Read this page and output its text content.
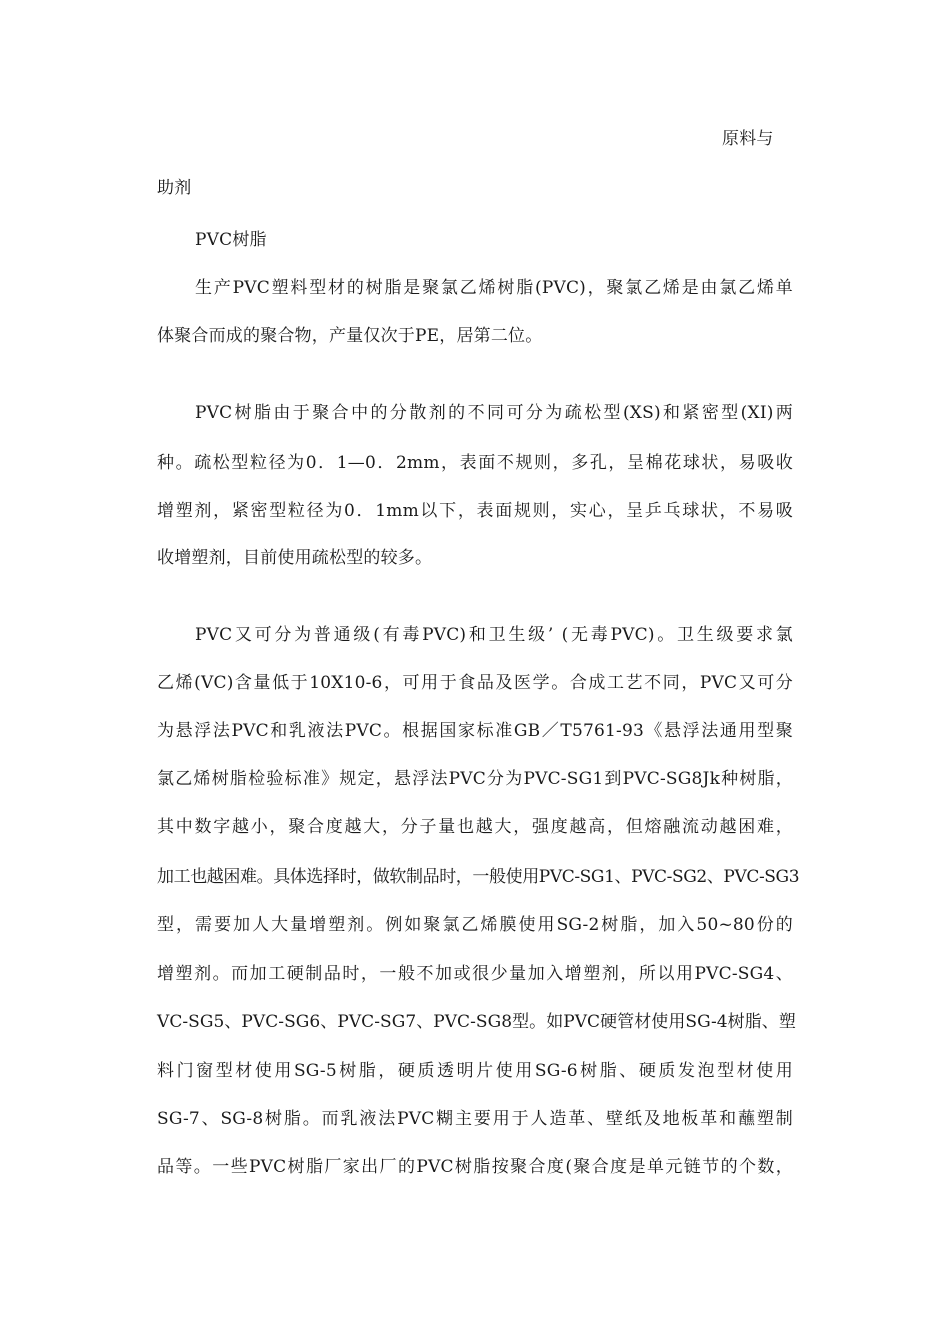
原料与
助剂
PVC树脂
生产PVC塑料型材的树脂是聚氯乙烯树脂(PVC)，聚氯乙烯是由氯乙烯单
体聚合而成的聚合物，产量仅次于PE，居第二位。
PVC树脂由于聚合中的分散剂的不同可分为疏松型(XS)和紧密型(XI)两
种。疏松型粒径为0．1—0．2mm，表面不规则，多孔，呈棉花球状，易吸收
增塑剂，紧密型粒径为0．1mm以下，表面规则，实心，呈乒乓球状，不易吸
收增塑剂，目前使用疏松型的较多。
PVC又可分为普通级(有毒PVC)和卫生级’ (无毒PVC)。卫生级要求氯
乙烯(VC)含量低于10X10-6，可用于食品及医学。合成工艺不同，PVC又可分
为悬浮法PVC和乳液法PVC。根据国家标准GB／T5761-93《悬浮法通用型聚
氯乙烯树脂检验标准》规定，悬浮法PVC分为PVC-SG1到PVC-SG8Jk种树脂，
其中数字越小，聚合度越大，分子量也越大，强度越高，但熔融流动越困难，
加工也越困难。具体选择时，做软制品时，一般使用PVC-SG1、PVC-SG2、PVC-SG3
型，需要加人大量增塑剂。例如聚氯乙烯膜使用SG-2树脂，加入50~80份的
增塑剂。而加工硬制品时，一般不加或很少量加入增塑剂，所以用PVC-SG4、
VC-SG5、PVC-SG6、PVC-SG7、PVC-SG8型。如PVC硬管材使用SG-4树脂、塑
料门窗型材使用SG-5树脂，硬质透明片使用SG-6树脂、硬质发泡型材使用
SG-7、SG-8树脂。而乳液法PVC糊主要用于人造革、壁纸及地板革和蘸塑制
品等。一些PVC树脂厂家出厂的PVC树脂按聚合度(聚合度是单元链节的个数，
